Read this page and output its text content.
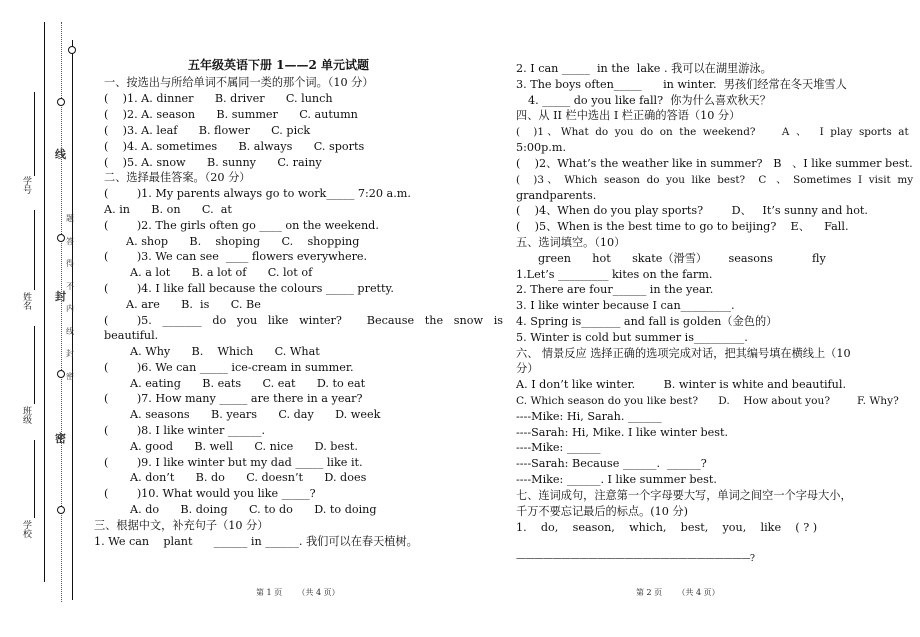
线
封
密
学号
姓名
班级
学校
题
答
得
不
内
线
封
密
五年级英语下册 1——2 单元试题
一、按选出与所给单词不属同一类的那个词。（10 分）
(    )1. A. dinner      B. driver      C. lunch
(    )2. A. season      B. summer      C. autumn
(    )3. A. leaf      B. flower      C. pick
(    )4. A. sometimes      B. always      C. sports
(    )5. A. snow      B. sunny      C. rainy
二、选择最佳答案。（20 分）
(        )1. My parents always go to work_____ 7:20 a.m.
A. in      B. on      C.  at
(        )2. The girls often go ____ on the weekend.
A. shop      B.    shoping      C.    shopping
(        )3. We can see  ____ flowers everywhere.
A. a lot      B. a lot of      C. lot of
(        )4. I like fall because the colours _____ pretty.
A. are      B.  is      C. Be
(        )5.   _______   do   you   like   winter?       Because   the   snow   is
beautiful.
A. Why      B.    Which      C. What
(        )6. We can _____ ice-cream in summer.
A. eating      B. eats      C. eat      D. to eat
(        )7. How many _____ are there in a year?
A. seasons      B. years      C. day      D. week
(        )8. I like winter ______.
A. good      B. well      C. nice      D. best.
(        )9. I like winter but my dad _____ like it.
A. don’t      B. do      C. doesn’t      D. does
(        )10. What would you like _____?
A. do      B. doing      C. to do      D. to doing
三、根据中文，补充句子（10 分）
1. We can    plant      ______ in ______. 我们可以在春天植树。
第 1 页      （共 4 页）
2. I can _____  in the  lake . 我可以在湖里游泳。
3. The boys often_____      in winter.  男孩们经常在冬天堆雪人
4. _____ do you like fall?  你为什么喜欢秋天？
四、从 II 栏中选出 I 栏正确的答语（10 分）
(    )1 、 What  do  you  do  on  the  weekend?        A  、    I  play  sports  at
5:00p.m.
(    )2、What’s the weather like in summer?   B   、I like summer best.
(    )3 、  Which  season  do  you  like  best?    C   、  Sometimes  I  visit  my
grandparents.
(    )4、When do you play sports?        D、   It’s sunny and hot.
(    )5、When is the best time to go to beijing?    E、    Fall.
五、选词填空。（10）
green      hot      skate（滑雪）      seasons           fly
1.Let’s _________ kites on the farm.
2. There are four______ in the year.
3. I like winter because I can_________.
4. Spring is_______ and fall is golden（金色的）
5. Winter is cold but summer is_________.
六、 情景反应 选择正确的选项完成对话，把其编号填在横线上（10
分）
A. I don’t like winter.        B. winter is white and beautiful.
C. Which season do you like best?      D.    How about you?        F. Why?
----Mike: Hi, Sarah. ______
----Sarah: Hi, Mike. I like winter best.
----Mike: ______
----Sarah: Because ______.  ______?
----Mike: ______. I like summer best.
七、连词成句，注意第一个字母要大写，单词之间空一个字母大小，
千万不要忘记最后的标点。(10 分)
1.    do,    season,    which,    best,    you,    like    ( ? )
——————————————————————————?
第 2 页      （共 4 页）
